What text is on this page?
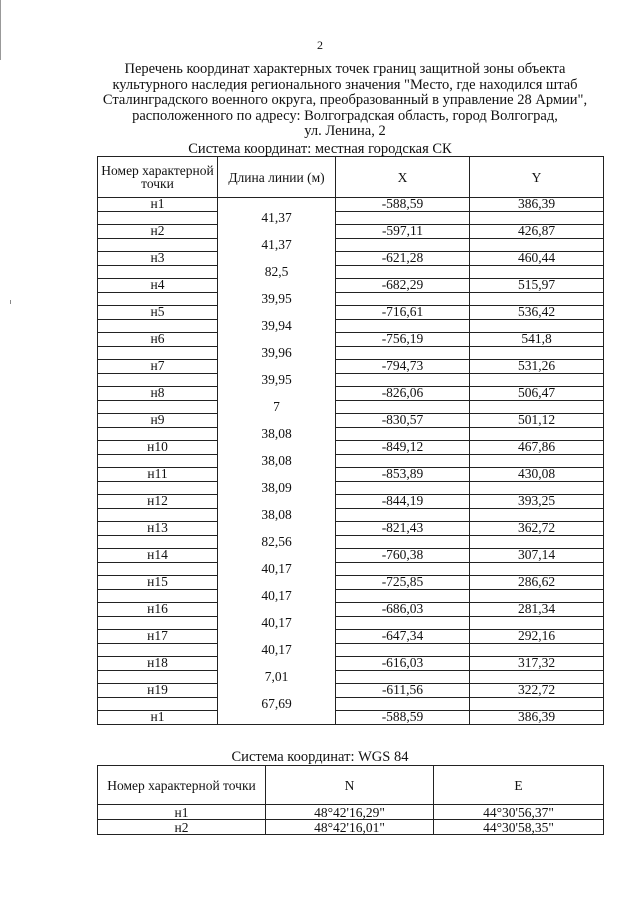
2
Перечень координат характерных точек границ защитной зоны объекта
культурного наследия регионального значения "Место, где находился штаб
Сталинградского военного округа, преобразованный в управление 28 Армии",
расположенного по адресу: Волгоградская область, город Волгоград,
ул. Ленина, 2
Система координат: местная городская СК
Номер характерной точки	Длина линии (м)	X	Y
н1		-588,59	386,39
	41,37		
н2		-597,11	426,87
	41,37		
н3		-621,28	460,44
	82,5		
н4		-682,29	515,97
	39,95		
н5		-716,61	536,42
	39,94		
н6		-756,19	541,8
	39,96		
н7		-794,73	531,26
	39,95		
н8		-826,06	506,47
	7		
н9		-830,57	501,12
	38,08		
н10		-849,12	467,86
	38,08		
н11		-853,89	430,08
	38,09		
н12		-844,19	393,25
	38,08		
н13		-821,43	362,72
	82,56		
н14		-760,38	307,14
	40,17		
н15		-725,85	286,62
	40,17		
н16		-686,03	281,34
	40,17		
н17		-647,34	292,16
	40,17		
н18		-616,03	317,32
	7,01		
н19		-611,56	322,72
	67,69		
н1		-588,59	386,39
Система координат: WGS 84
Номер характерной точки	N	E
н1	48°42'16,29"	44°30'56,37"
н2	48°42'16,01"	44°30'58,35"
